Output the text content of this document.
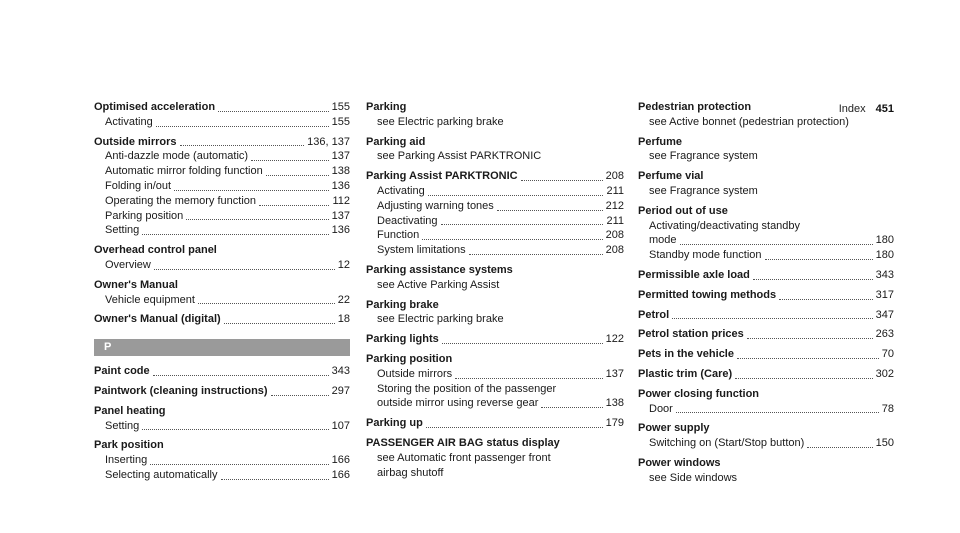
Index 451
Optimised acceleration	155
Activating	155
Outside mirrors	136, 137
Anti-dazzle mode (automatic)	137
Automatic mirror folding function	138
Folding in/out	136
Operating the memory function	112
Parking position	137
Setting	136
Overhead control panel
Overview	12
Owner's Manual
Vehicle equipment	22
Owner's Manual (digital)	18
P
Paint code	343
Paintwork (cleaning instructions)	297
Panel heating
Setting	107
Park position
Inserting	166
Selecting automatically	166
Parking
see Electric parking brake
Parking aid
see Parking Assist PARKTRONIC
Parking Assist PARKTRONIC	208
Activating	211
Adjusting warning tones	212
Deactivating	211
Function	208
System limitations	208
Parking assistance systems
see Active Parking Assist
Parking brake
see Electric parking brake
Parking lights	122
Parking position
Outside mirrors	137
Storing the position of the passenger
outside mirror using reverse gear	138
Parking up	179
PASSENGER AIR BAG status display
see Automatic front passenger front
airbag shutoff
Pedestrian protection
see Active bonnet (pedestrian protection)
Perfume
see Fragrance system
Perfume vial
see Fragrance system
Period out of use
Activating/deactivating standby
mode	180
Standby mode function	180
Permissible axle load	343
Permitted towing methods	317
Petrol	347
Petrol station prices	263
Pets in the vehicle	70
Plastic trim (Care)	302
Power closing function
Door	78
Power supply
Switching on (Start/Stop button)	150
Power windows
see Side windows
